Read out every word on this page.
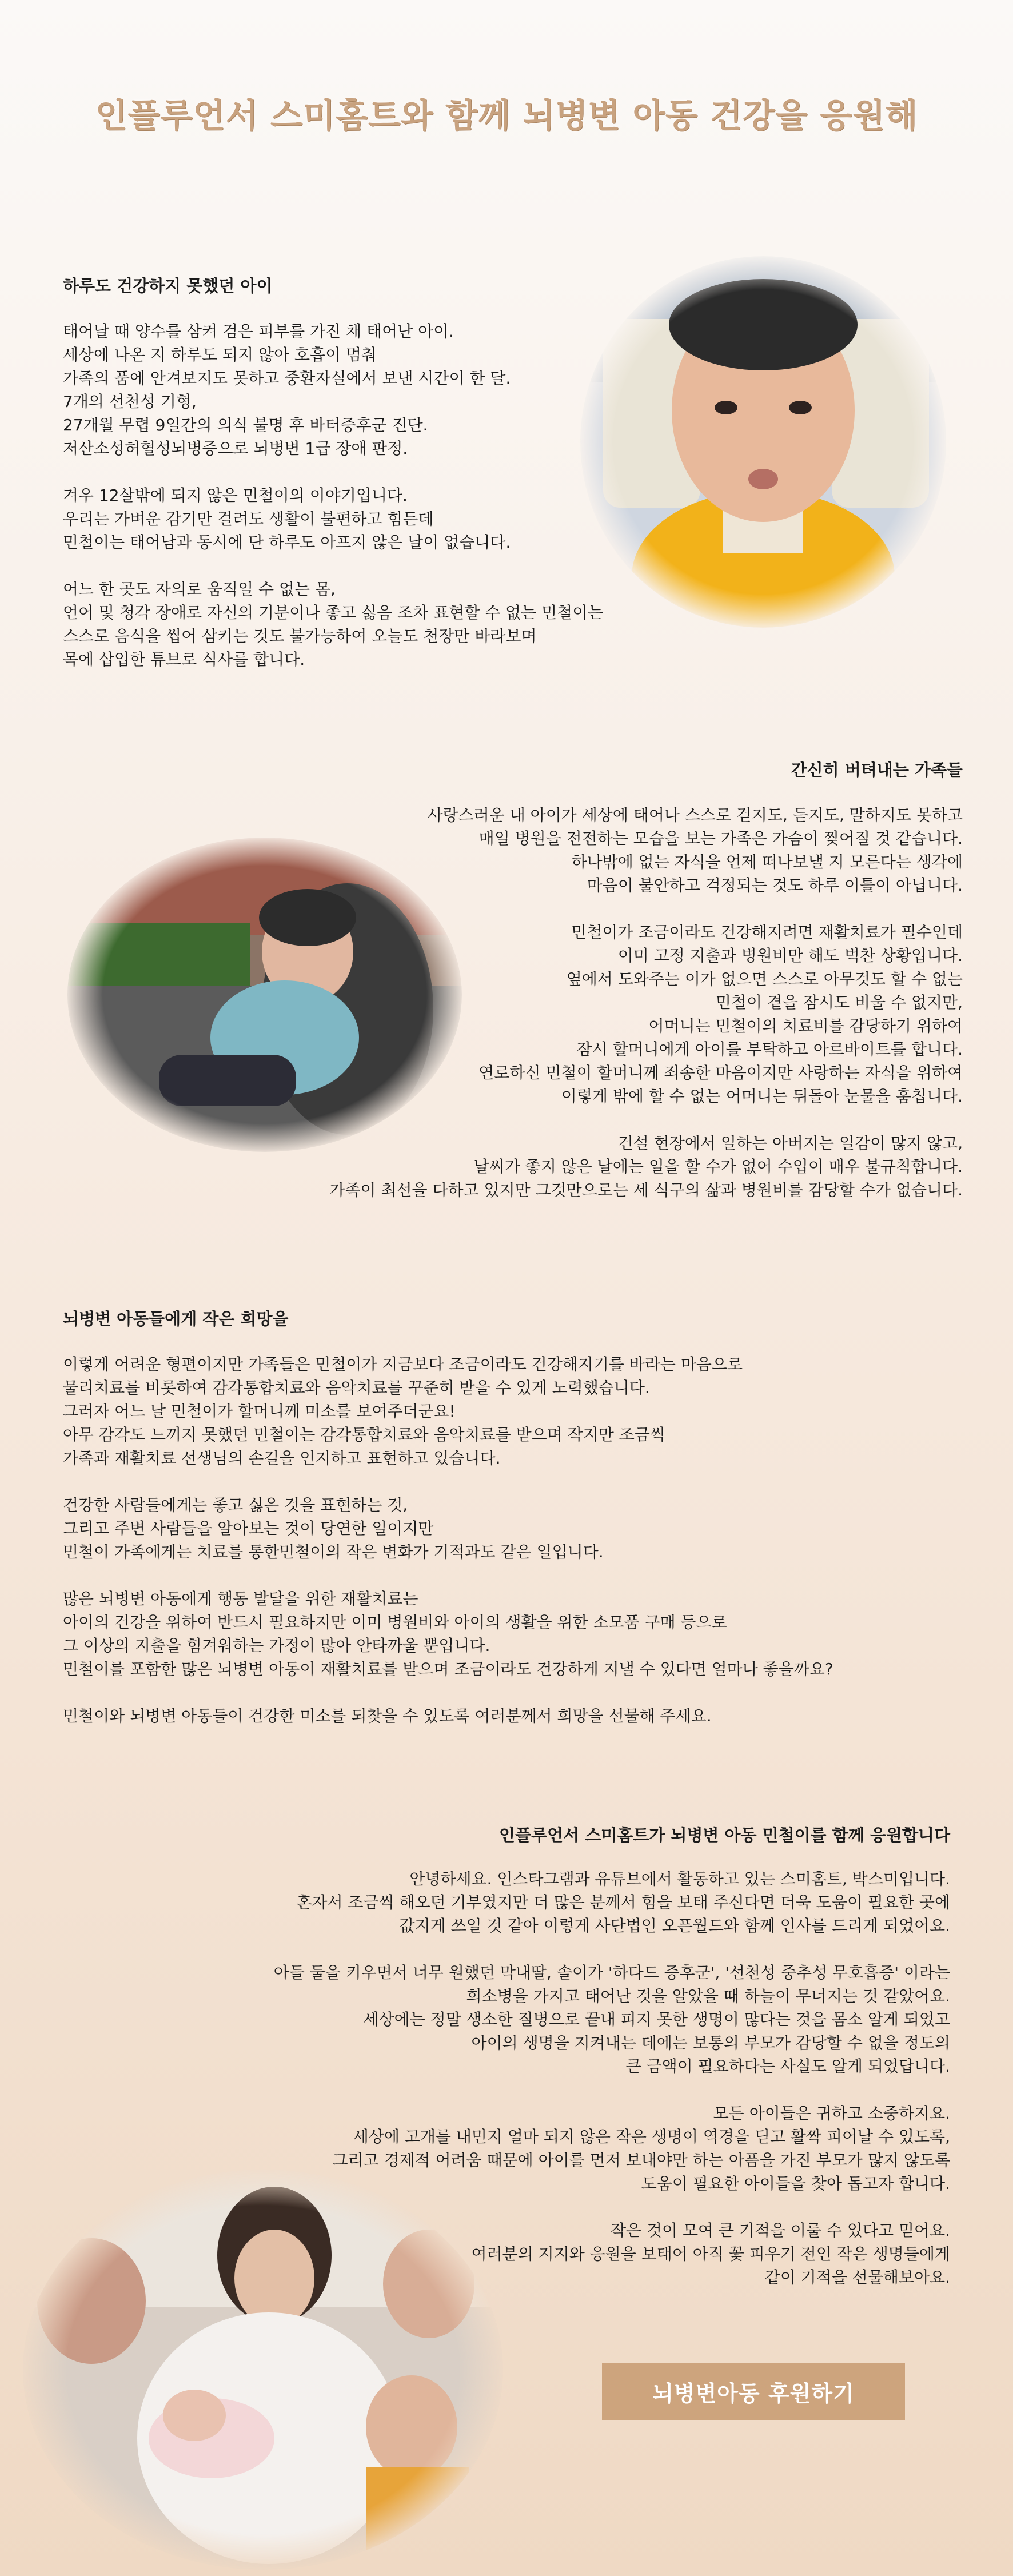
인플루언서 스미홈트와 함께 뇌병변 아동 건강을 응원해
하루도 건강하지 못했던 아이

태어날 때 양수를 삼켜 검은 피부를 가진 채 태어난 아이.

세상에 나온 지 하루도 되지 않아 호흡이 멈춰

가족의 품에 안겨보지도 못하고 중환자실에서 보낸 시간이 한 달.

7개의 선천성 기형,

27개월 무렵 9일간의 의식 불명 후 바터증후군 진단.

저산소성허혈성뇌병증으로 뇌병변 1급 장애 판정.

겨우 12살밖에 되지 않은 민철이의 이야기입니다.

우리는 가벼운 감기만 걸려도 생활이 불편하고 힘든데

민철이는 태어남과 동시에 단 하루도 아프지 않은 날이 없습니다.

어느 한 곳도 자의로 움직일 수 없는 몸,

언어 및 청각 장애로 자신의 기분이나 좋고 싫음 조차 표현할 수 없는 민철이는

스스로 음식을 씹어 삼키는 것도 불가능하여 오늘도 천장만 바라보며

목에 삽입한 튜브로 식사를 합니다.

간신히 버텨내는 가족들

사랑스러운 내 아이가 세상에 태어나 스스로 걷지도, 듣지도, 말하지도 못하고

매일 병원을 전전하는 모습을 보는 가족은 가슴이 찢어질 것 같습니다.

하나밖에 없는 자식을 언제 떠나보낼 지 모른다는 생각에

마음이 불안하고 걱정되는 것도 하루 이틀이 아닙니다.

민철이가 조금이라도 건강해지려면 재활치료가 필수인데

이미 고정 지출과 병원비만 해도 벅찬 상황입니다.

옆에서 도와주는 이가 없으면 스스로 아무것도 할 수 없는

민철이 곁을 잠시도 비울 수 없지만,

어머니는 민철이의 치료비를 감당하기 위하여

잠시 할머니에게 아이를 부탁하고 아르바이트를 합니다.

연로하신 민철이 할머니께 죄송한 마음이지만 사랑하는 자식을 위하여

이렇게 밖에 할 수 없는 어머니는 뒤돌아 눈물을 훔칩니다.

건설 현장에서 일하는 아버지는 일감이 많지 않고,

날씨가 좋지 않은 날에는 일을 할 수가 없어 수입이 매우 불규칙합니다.

가족이 최선을 다하고 있지만 그것만으로는 세 식구의 삶과 병원비를 감당할 수가 없습니다.

뇌병변 아동들에게 작은 희망을

이렇게 어려운 형편이지만 가족들은 민철이가 지금보다 조금이라도 건강해지기를 바라는 마음으로

물리치료를 비롯하여 감각통합치료와 음악치료를 꾸준히 받을 수 있게 노력했습니다.

그러자 어느 날 민철이가 할머니께 미소를 보여주더군요!

아무 감각도 느끼지 못했던 민철이는 감각통합치료와 음악치료를 받으며 작지만 조금씩

가족과 재활치료 선생님의 손길을 인지하고 표현하고 있습니다.

건강한 사람들에게는 좋고 싫은 것을 표현하는 것,

그리고 주변 사람들을 알아보는 것이 당연한 일이지만

민철이 가족에게는 치료를 통한민철이의 작은 변화가 기적과도 같은 일입니다.

많은 뇌병변 아동에게 행동 발달을 위한 재활치료는

아이의 건강을 위하여 반드시 필요하지만 이미 병원비와 아이의 생활을 위한 소모품 구매 등으로

그 이상의 지출을 힘겨워하는 가정이 많아 안타까울 뿐입니다.

민철이를 포함한 많은 뇌병변 아동이 재활치료를 받으며 조금이라도 건강하게 지낼 수 있다면 얼마나 좋을까요?

민철이와 뇌병변 아동들이 건강한 미소를 되찾을 수 있도록 여러분께서 희망을 선물해 주세요.

인플루언서 스미홈트가 뇌병변 아동 민철이를 함께 응원합니다

안녕하세요. 인스타그램과 유튜브에서 활동하고 있는 스미홈트, 박스미입니다.

혼자서 조금씩 해오던 기부였지만 더 많은 분께서 힘을 보태 주신다면 더욱 도움이 필요한 곳에

값지게 쓰일 것 같아 이렇게 사단법인 오픈월드와 함께 인사를 드리게 되었어요.

아들 둘을 키우면서 너무 원했던 막내딸, 솔이가 '하다드 증후군', '선천성 중추성 무호흡증' 이라는

희소병을 가지고 태어난 것을 알았을 때 하늘이 무너지는 것 같았어요.

세상에는 정말 생소한 질병으로 끝내 피지 못한 생명이 많다는 것을 몸소 알게 되었고

아이의 생명을 지켜내는 데에는 보통의 부모가 감당할 수 없을 정도의

큰 금액이 필요하다는 사실도 알게 되었답니다.

모든 아이들은 귀하고 소중하지요.

세상에 고개를 내민지 얼마 되지 않은 작은 생명이 역경을 딛고 활짝 피어날 수 있도록,

그리고 경제적 어려움 때문에 아이를 먼저 보내야만 하는 아픔을 가진 부모가 많지 않도록

도움이 필요한 아이들을 찾아 돕고자 합니다.

작은 것이 모여 큰 기적을 이룰 수 있다고 믿어요.

여러분의 지지와 응원을 보태어 아직 꽃 피우기 전인 작은 생명들에게

같이 기적을 선물해보아요.

뇌병변아동 후원하기
